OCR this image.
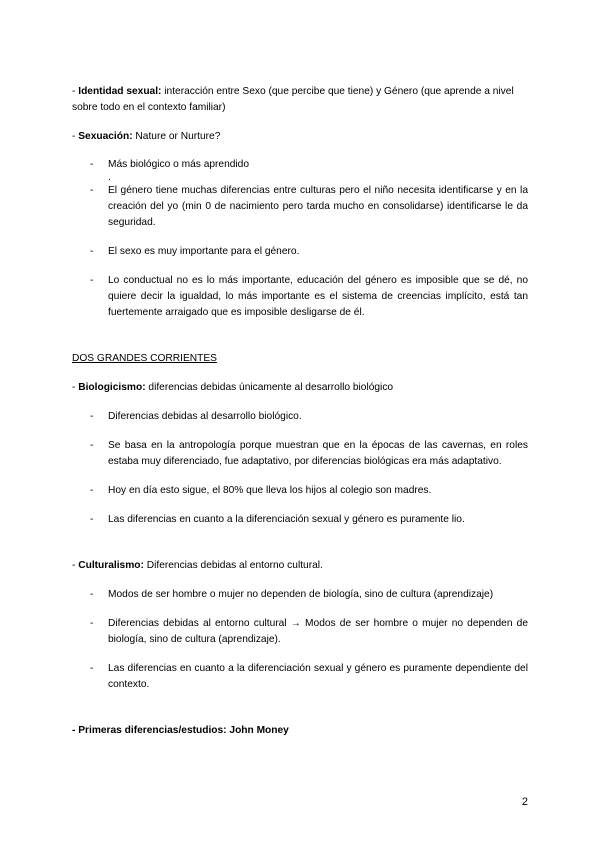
- Identidad sexual: interacción entre Sexo (que percibe que tiene) y Género (que aprende a nivel sobre todo en el contexto familiar)

- Sexuación: Nature or Nurture?

- Más biológico o más aprendido
.
- El género tiene muchas diferencias entre culturas pero el niño necesita identificarse y en la creación del yo (min 0 de nacimiento pero tarda mucho en consolidarse) identificarse le da seguridad.
- El sexo es muy importante para el género.
- Lo conductual no es lo más importante, educación del género es imposible que se dé, no quiere decir la igualdad, lo más importante es el sistema de creencias implícito, está tan fuertemente arraigado que es imposible desligarse de él.
DOS GRANDES CORRIENTES

- Biologicismo: diferencias debidas únicamente al desarrollo biológico

- Diferencias debidas al desarrollo biológico.
- Se basa en la antropología porque muestran que en la épocas de las cavernas, en roles estaba muy diferenciado, fue adaptativo, por diferencias biológicas era más adaptativo.
- Hoy en día esto sigue, el 80% que lleva los hijos al colegio son madres.
- Las diferencias en cuanto a la diferenciación sexual y género es puramente lio.

- Culturalismo: Diferencias debidas al entorno cultural.

- Modos de ser hombre o mujer no dependen de biología, sino de cultura (aprendizaje)
- Diferencias debidas al entorno cultural → Modos de ser hombre o mujer no dependen de biología, sino de cultura (aprendizaje).
- Las diferencias en cuanto a la diferenciación sexual y género es puramente dependiente del contexto.

- Primeras diferencias/estudios: John Money

2
